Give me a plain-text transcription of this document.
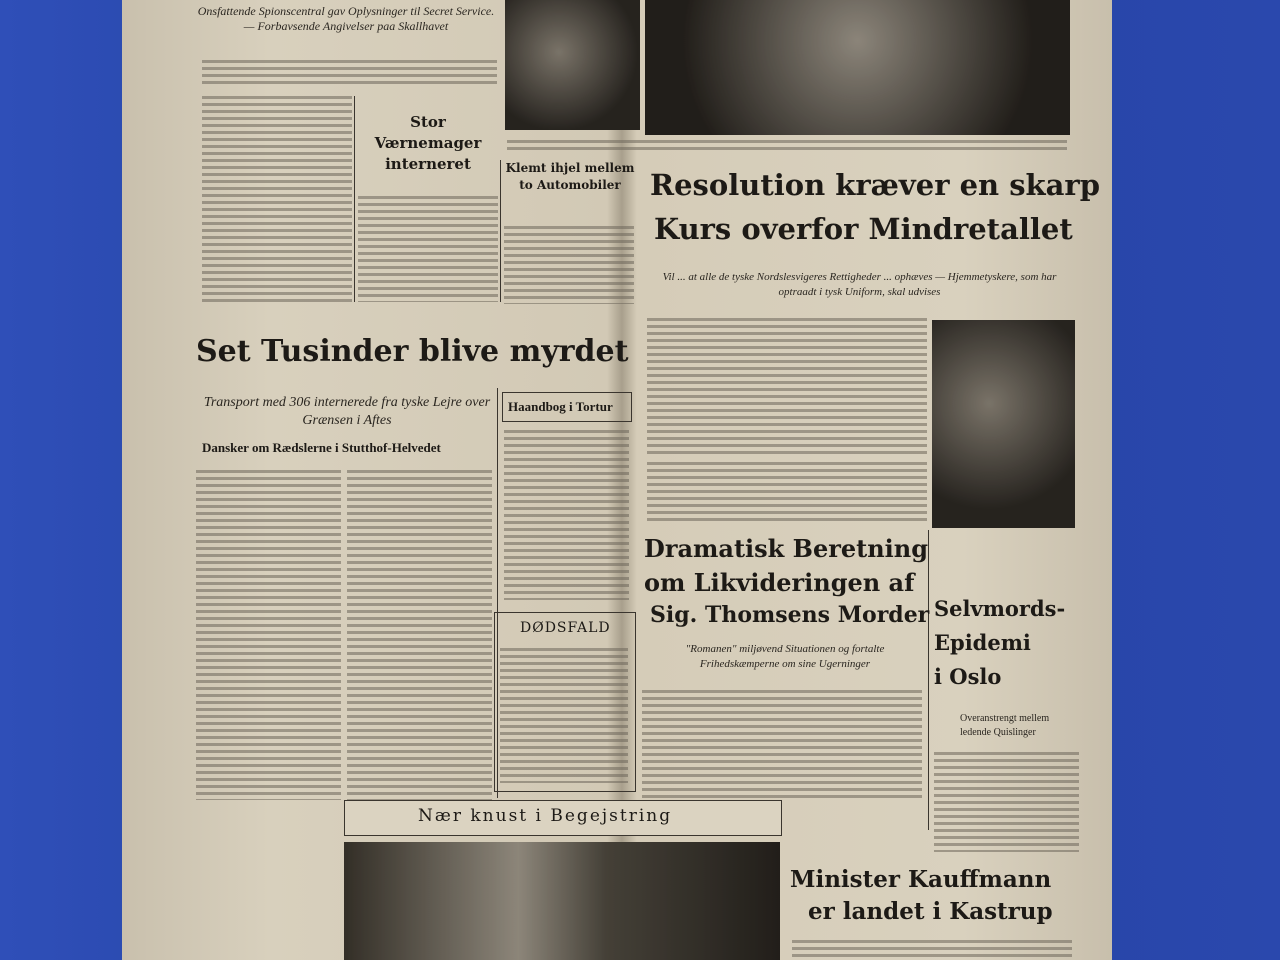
Onsfattende Spionscentral gav Oplysninger til Secret Service. — Forbavsende Angivelser paa Skallhavet
Stor Værnemager interneret	Klemt ihjel mellem to Automobiler	Resolution kræver en skarp
Kurs overfor Mindretallet
Vil ... at alle de tyske Nordslesvigeres Rettigheder ... ophæves — Hjemmetyskere, som har optraadt i tysk Uniform, skal udvises
Set Tusinder blive myrdet
Transport med 306 internerede fra tyske Lejre over Grænsen i Aftes
Dansker om Rædslerne i Stutthof-Helvedet
Haandbog i Tortur
DØDSFALD
Dramatisk Beretning
om Likvideringen af
Sig. Thomsens Morder
"Romanen" miljøvend Situationen og fortalte Frihedskæmperne om sine Ugerninger
Selvmords-
Epidemi
i Oslo
Overanstrengt mellem ledende Quislinger
Nær knust i Begejstring
Minister Kauffmann
er landet i Kastrup
